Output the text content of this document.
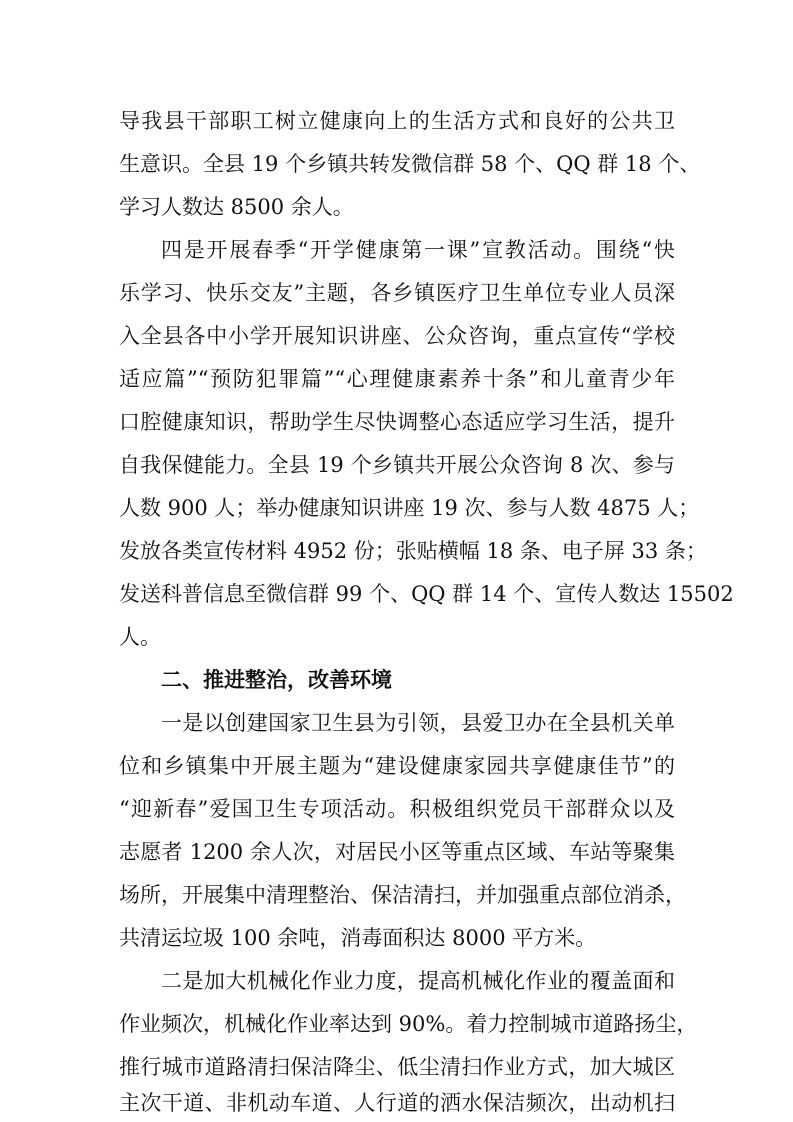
导我县干部职工树立健康向上的生活方式和良好的公共卫
生意识。全县 19 个乡镇共转发微信群 58 个、QQ 群 18 个、
学习人数达 8500 余人。
四是开展春季“开学健康第一课”宣教活动。围绕“快
乐学习、快乐交友”主题，各乡镇医疗卫生单位专业人员深
入全县各中小学开展知识讲座、公众咨询，重点宣传“学校
适应篇”“预防犯罪篇”“心理健康素养十条”和儿童青少年
口腔健康知识，帮助学生尽快调整心态适应学习生活，提升
自我保健能力。全县 19 个乡镇共开展公众咨询 8 次、参与
人数 900 人；举办健康知识讲座 19 次、参与人数 4875 人；
发放各类宣传材料 4952 份；张贴横幅 18 条、电子屏 33 条；
发送科普信息至微信群 99 个、QQ 群 14 个、宣传人数达 15502
人。
二、推进整治，改善环境
一是以创建国家卫生县为引领，县爱卫办在全县机关单
位和乡镇集中开展主题为“建设健康家园共享健康佳节”的
“迎新春”爱国卫生专项活动。积极组织党员干部群众以及
志愿者 1200 余人次，对居民小区等重点区域、车站等聚集
场所，开展集中清理整治、保洁清扫，并加强重点部位消杀，
共清运垃圾 100 余吨，消毒面积达 8000 平方米。
二是加大机械化作业力度，提高机械化作业的覆盖面和
作业频次，机械化作业率达到 90%。着力控制城市道路扬尘，
推行城市道路清扫保洁降尘、低尘清扫作业方式，加大城区
主次干道、非机动车道、人行道的洒水保洁频次，出动机扫
